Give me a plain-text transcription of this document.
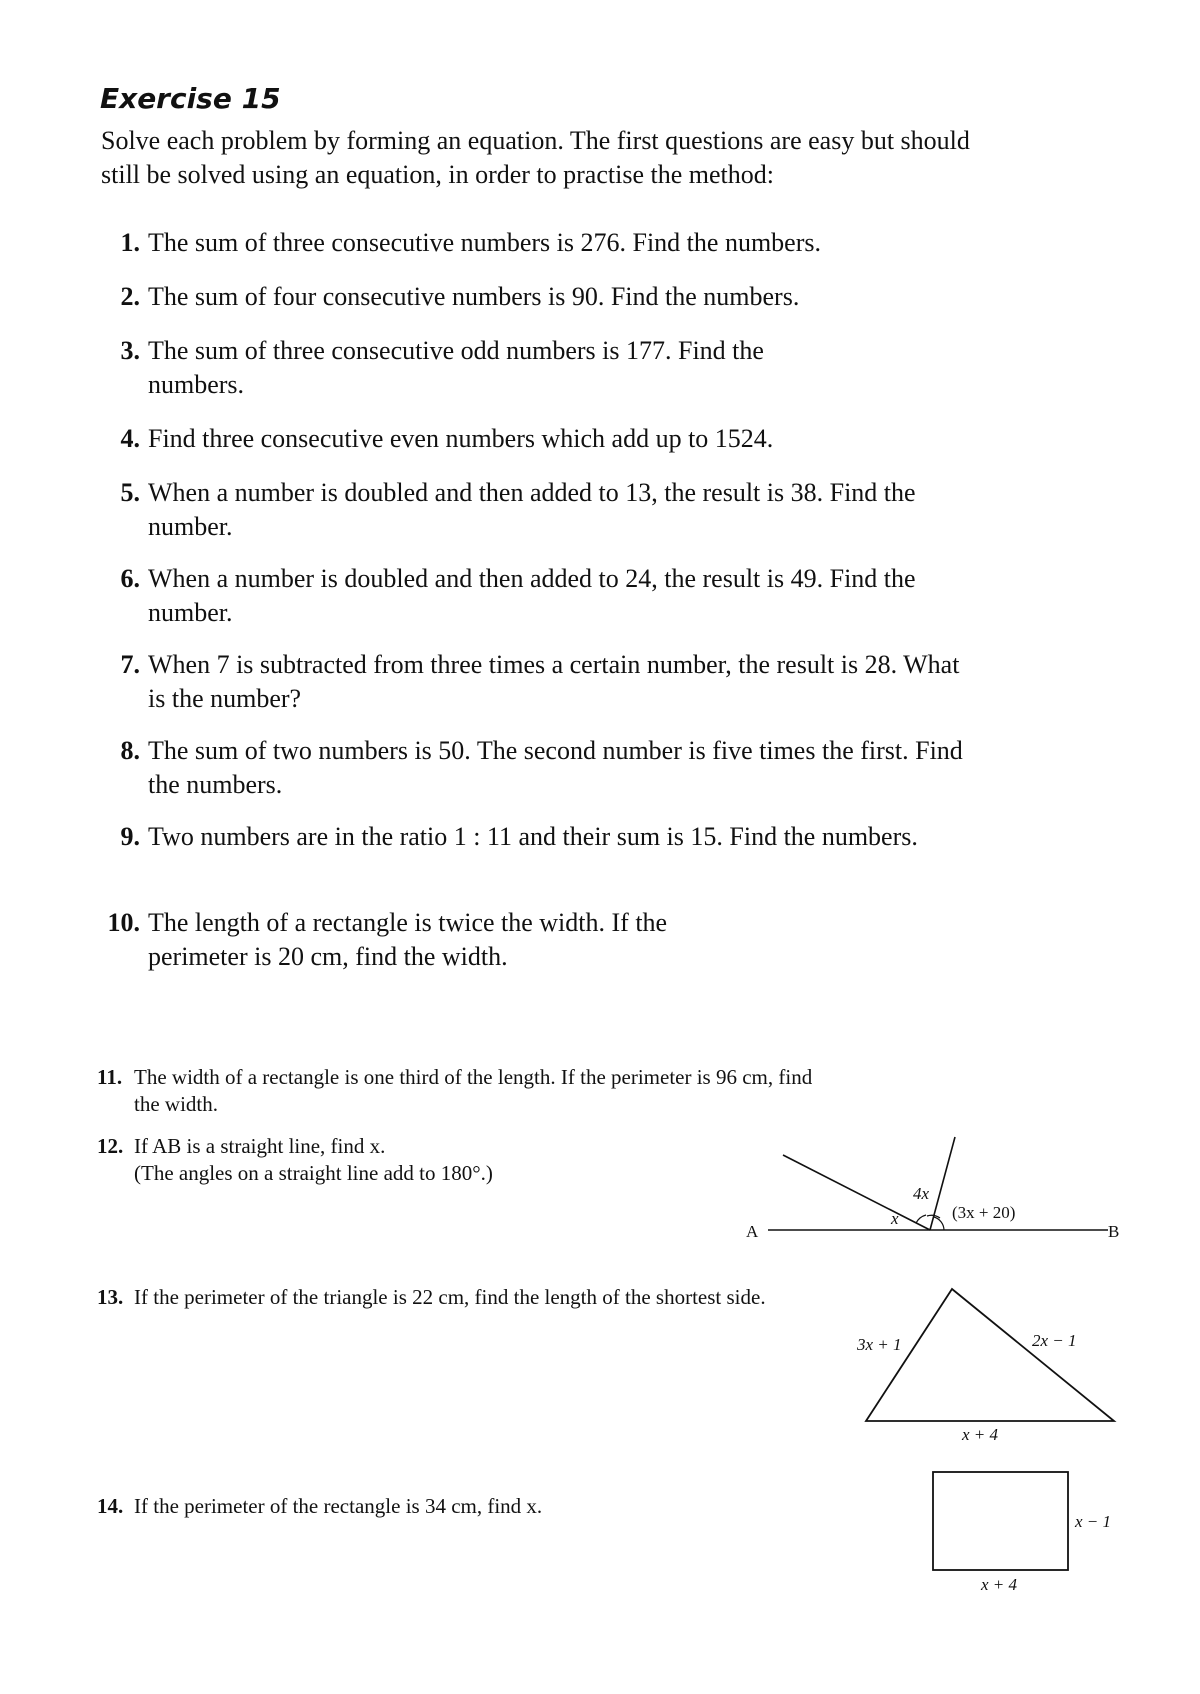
Exercise 15

Solve each problem by forming an equation. The first questions are easy but should still be solved using an equation, in order to practise the method:

1. The sum of three consecutive numbers is 276. Find the numbers.
2. The sum of four consecutive numbers is 90. Find the numbers.
3. The sum of three consecutive odd numbers is 177. Find the numbers.
4. Find three consecutive even numbers which add up to 1524.
5. When a number is doubled and then added to 13, the result is 38. Find the number.
6. When a number is doubled and then added to 24, the result is 49. Find the number.
7. When 7 is subtracted from three times a certain number, the result is 28. What is the number?
8. The sum of two numbers is 50. The second number is five times the first. Find the numbers.
9. Two numbers are in the ratio 1 : 11 and their sum is 15. Find the numbers.
10. The length of a rectangle is twice the width. If the perimeter is 20 cm, find the width.
11. The width of a rectangle is one third of the length. If the perimeter is 96 cm, find the width.
12. If AB is a straight line, find x.
(The angles on a straight line add to 180°.)
13. If the perimeter of the triangle is 22 cm, find the length of the shortest side.
14. If the perimeter of the rectangle is 34 cm, find x.
A	B
x
4x
(3x + 20)
3x + 1	2x − 1
x + 4
x − 1
x + 4
